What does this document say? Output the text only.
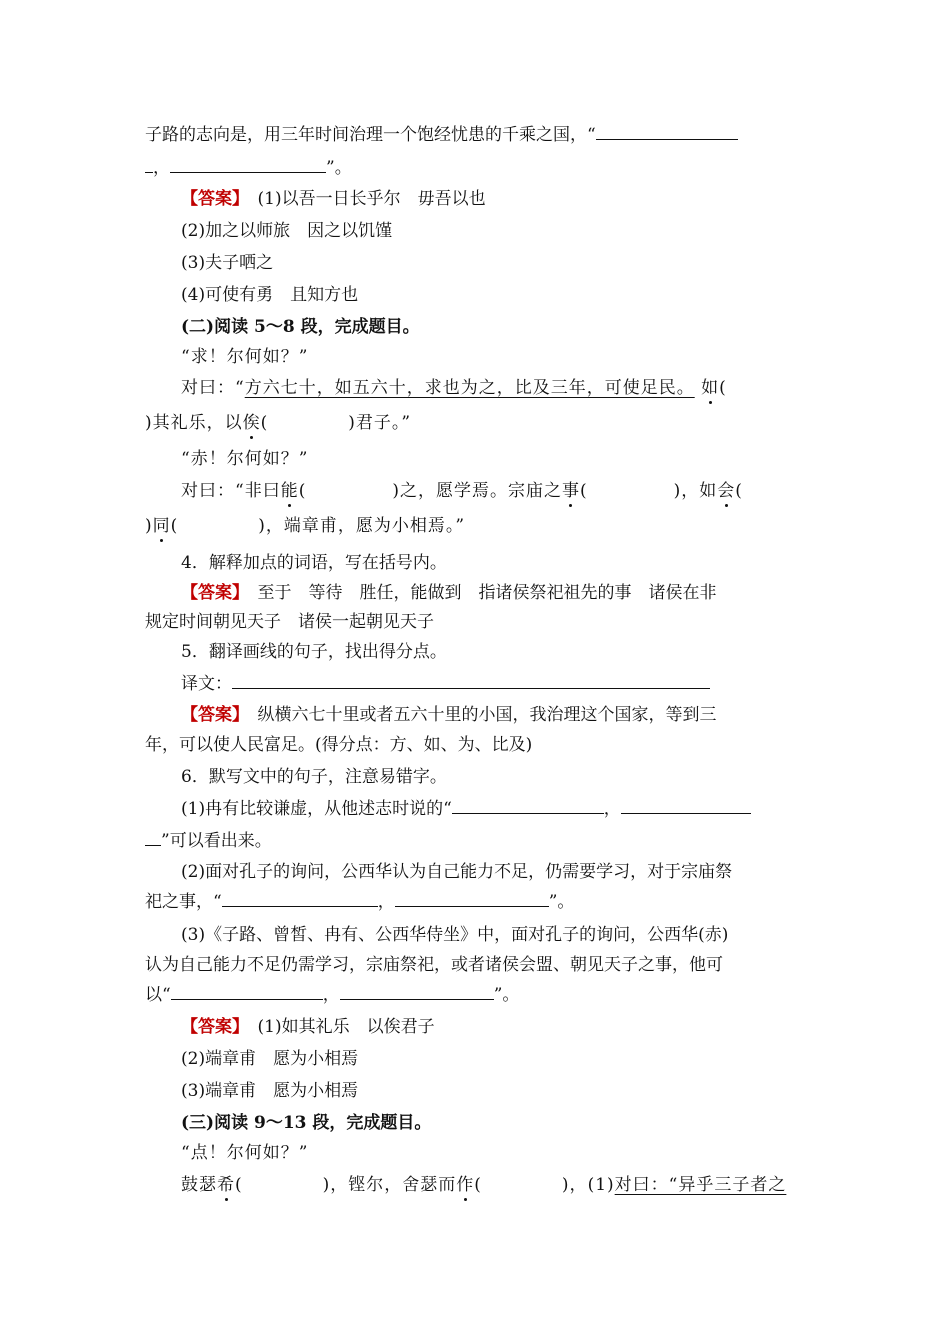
子路的志向是，用三年时间治理一个饱经忧患的千乘之国，“
，	”。
【答案】　 (1)以吾一日长乎尔　毋吾以也
(2)加之以师旅　因之以饥馑
(3)夫子哂之
(4)可使有勇　且知方也
(二)阅读 5～8 段，完成题目。
“求！尔何如？”
对曰：“方六七十，如五六十，求也为之，比及三年，可使足民。 如(
)其礼乐，以俟(	)君子。”
“赤！尔何如？”
对曰：“非曰能(	)之，愿学焉。宗庙之事(	)，如会(
)同(	)，端章甫，愿为小相焉。”
4．解释加点的词语，写在括号内。
【答案】　至于　等待　胜任，能做到　指诸侯祭祀祖先的事　诸侯在非
规定时间朝见天子　诸侯一起朝见天子
5．翻译画线的句子，找出得分点。
译文：
【答案】　纵横六七十里或者五六十里的小国，我治理这个国家，等到三
年，可以使人民富足。(得分点：方、如、为、比及)
6．默写文中的句子，注意易错字。
(1)冉有比较谦虚，从他述志时说的“	，
”可以看出来。
(2)面对孔子的询问，公西华认为自己能力不足，仍需要学习，对于宗庙祭
祀之事，“	，	”。
(3)《子路、曾皙、冉有、公西华侍坐》中，面对孔子的询问，公西华(赤)
认为自己能力不足仍需学习，宗庙祭祀，或者诸侯会盟、朝见天子之事，他可
以“	，	”。
【答案】　 (1)如其礼乐　以俟君子
(2)端章甫　愿为小相焉
(3)端章甫　愿为小相焉
(三)阅读 9～13 段，完成题目。
“点！尔何如？”
鼓瑟希(	)，铿尔，舍瑟而作(	)，(1)对曰：“异乎三子者之
